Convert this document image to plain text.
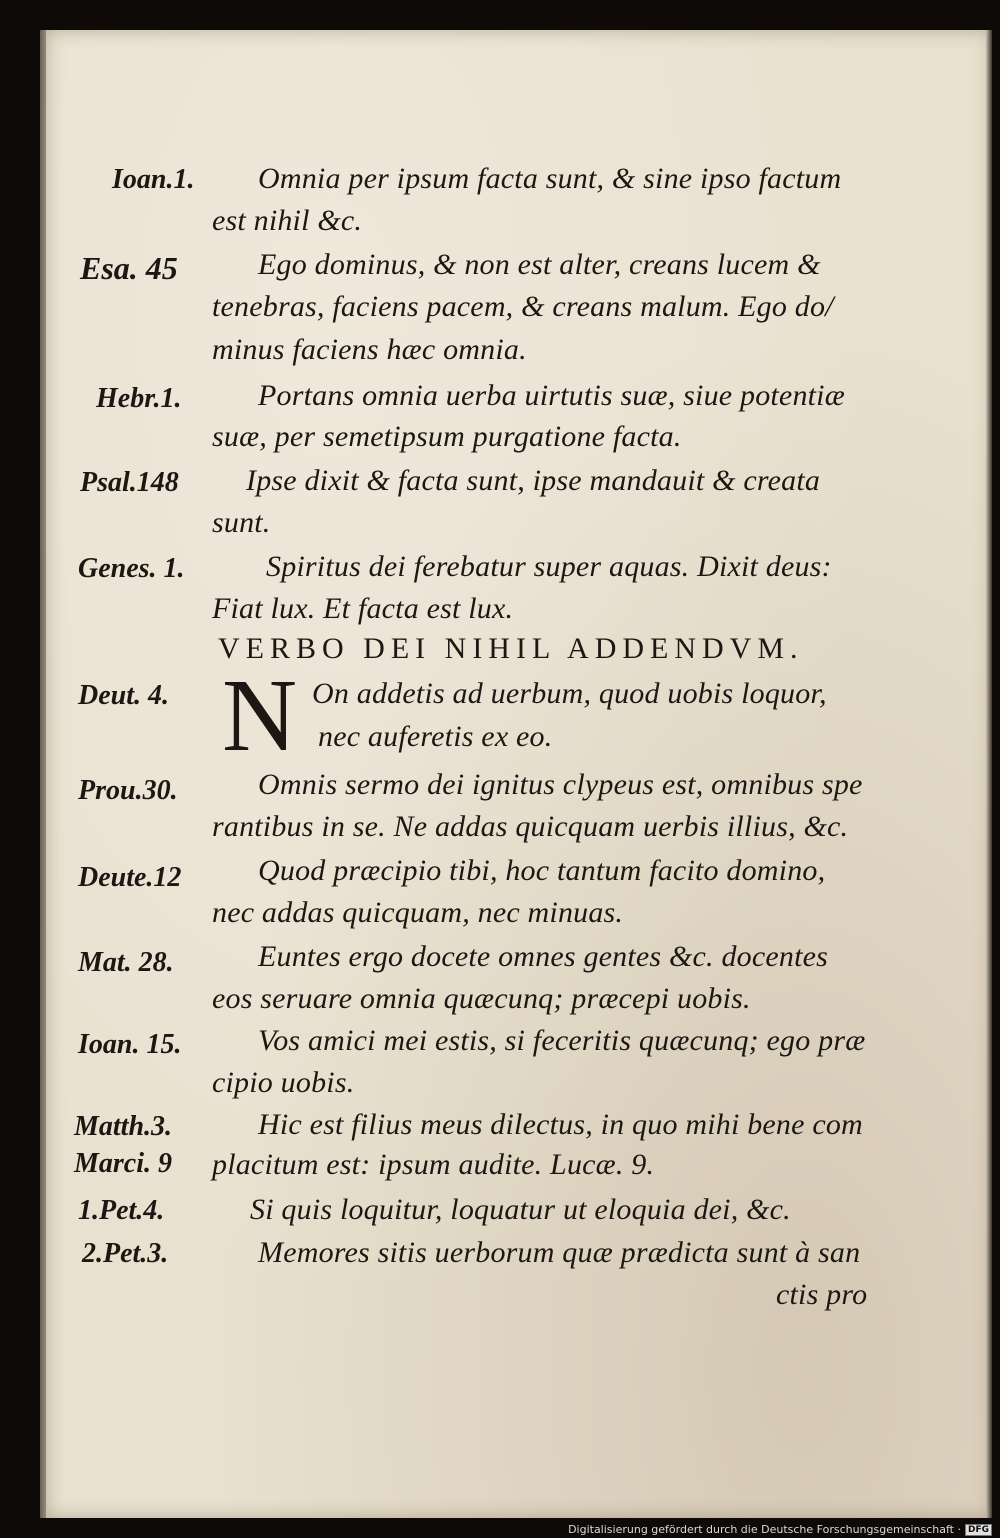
Ioan.1.
Esa. 45
Hebr.1.
Psal.148
Genes. 1.
Deut. 4.
Prou.30.
Deute.12
Mat. 28.
Ioan. 15.
Matth.3.
Marci. 9
1.Pet.4.
2.Pet.3.
Omnia per ipsum facta sunt, & sine ipso factum
est nihil &c.
Ego dominus, & non est alter, creans lucem &
tenebras, faciens pacem, & creans malum. Ego do/
minus faciens hæc omnia.
Portans omnia uerba uirtutis suæ, siue potentiæ
suæ, per semetipsum purgatione facta.
Ipse dixit & facta sunt, ipse mandauit & creata
sunt.
Spiritus dei ferebatur super aquas. Dixit deus:
Fiat lux. Et facta est lux.
VERBO DEI NIHIL ADDENDVM.
N On addetis ad uerbum, quod uobis loquor,
nec auferetis ex eo.
Omnis sermo dei ignitus clypeus est, omnibus spe
rantibus in se. Ne addas quicquam uerbis illius, &c.
Quod præcipio tibi, hoc tantum facito domino,
nec addas quicquam, nec minuas.
Euntes ergo docete omnes gentes &c. docentes
eos seruare omnia quæcunq; præcepi uobis.
Vos amici mei estis, si feceritis quæcunq; ego præ
cipio uobis.
Hic est filius meus dilectus, in quo mihi bene com
placitum est: ipsum audite. Lucæ. 9.
Si quis loquitur, loquatur ut eloquia dei, &c.
Memores sitis uerborum quæ prædicta sunt à san
ctis pro
Digitalisierung gefördert durch die Deutsche Forschungsgemeinschaft · DFG
